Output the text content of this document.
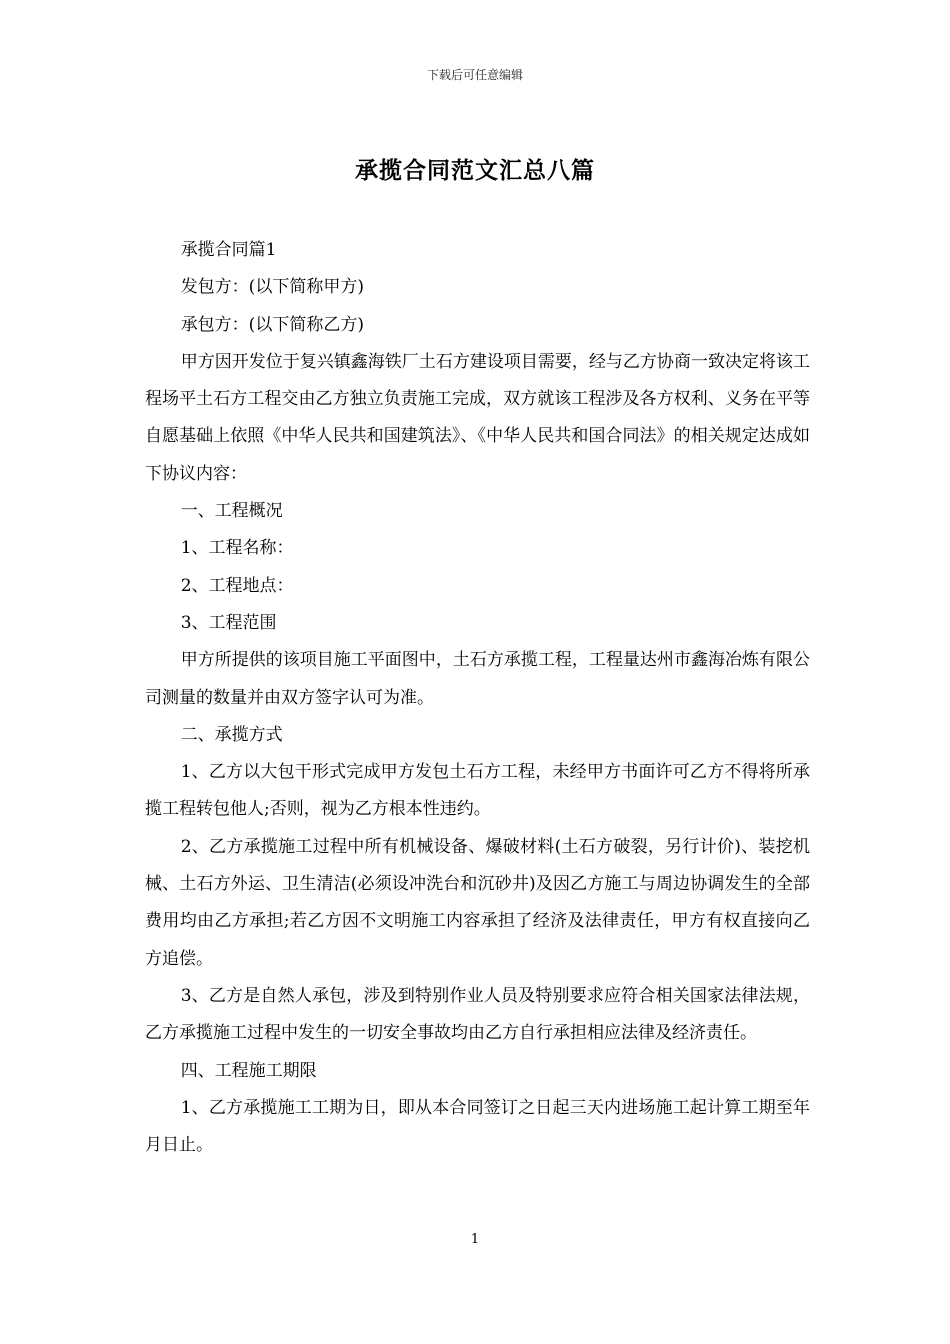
下载后可任意编辑
承揽合同范文汇总八篇

承揽合同篇1

发包方：(以下简称甲方)

承包方：(以下简称乙方)

甲方因开发位于复兴镇鑫海铁厂土石方建设项目需要，经与乙方协商一致决定将该工程场平土石方工程交由乙方独立负责施工完成，双方就该工程涉及各方权利、义务在平等自愿基础上依照《中华人民共和国建筑法》、《中华人民共和国合同法》的相关规定达成如下协议内容：

一、工程概况

1、工程名称：

2、工程地点：

3、工程范围

甲方所提供的该项目施工平面图中，土石方承揽工程，工程量达州市鑫海冶炼有限公司测量的数量并由双方签字认可为准。

二、承揽方式

1、乙方以大包干形式完成甲方发包土石方工程，未经甲方书面许可乙方不得将所承揽工程转包他人;否则，视为乙方根本性违约。

2、乙方承揽施工过程中所有机械设备、爆破材料(土石方破裂，另行计价)、装挖机械、土石方外运、卫生清洁(必须设冲洗台和沉砂井)及因乙方施工与周边协调发生的全部费用均由乙方承担;若乙方因不文明施工内容承担了经济及法律责任，甲方有权直接向乙方追偿。

3、乙方是自然人承包，涉及到特别作业人员及特别要求应符合相关国家法律法规，乙方承揽施工过程中发生的一切安全事故均由乙方自行承担相应法律及经济责任。

四、工程施工期限

1、乙方承揽施工工期为日，即从本合同签订之日起三天内进场施工起计算工期至年月日止。

1
